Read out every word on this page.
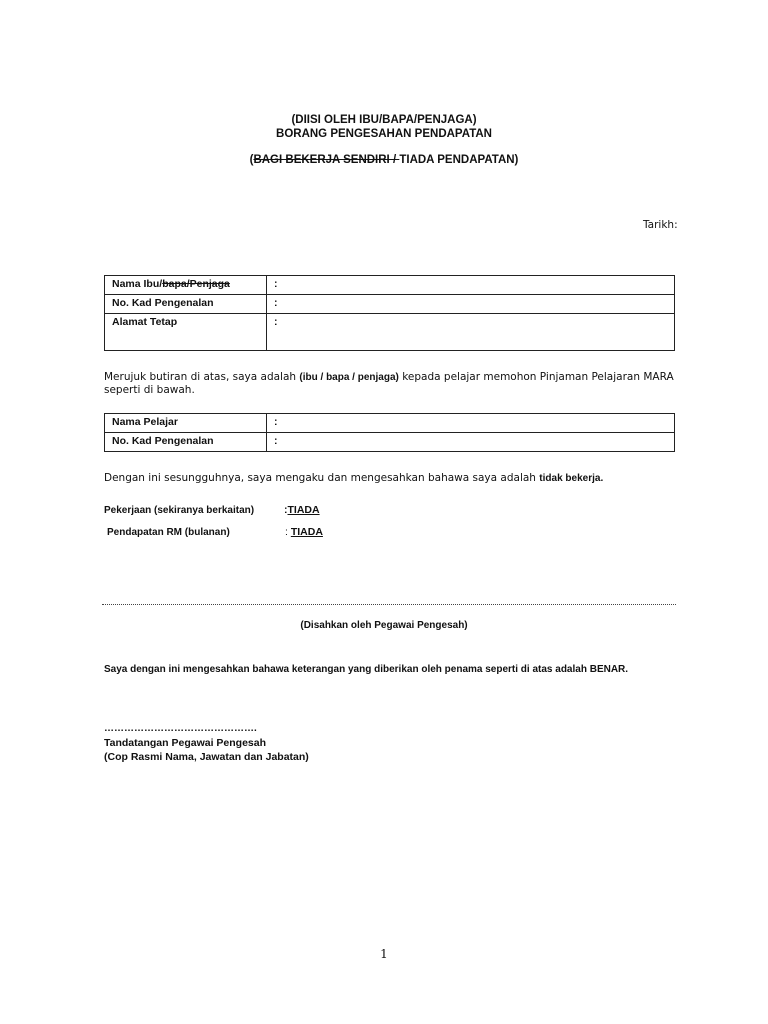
(DIISI OLEH IBU/BAPA/PENJAGA)
BORANG PENGESAHAN PENDAPATAN
(BAGI BEKERJA SENDIRI / TIADA PENDAPATAN)
Tarikh:
Nama Ibu/bapa/Penjaga	:
No. Kad Pengenalan	:
Alamat Tetap	:
Merujuk butiran di atas, saya adalah (ibu / bapa / penjaga) kepada pelajar memohon Pinjaman Pelajaran MARA seperti di bawah.
Nama Pelajar	:
No. Kad Pengenalan	:
Dengan ini sesungguhnya, saya mengaku dan mengesahkan bahawa saya adalah tidak bekerja.
Pekerjaan (sekiranya berkaitan)	:TIADA
Pendapatan RM (bulanan)	: TIADA
(Disahkan oleh Pegawai Pengesah)
Saya dengan ini mengesahkan bahawa keterangan yang diberikan oleh penama seperti di atas adalah BENAR.
……………………………………….
Tandatangan Pegawai Pengesah
(Cop Rasmi Nama, Jawatan dan Jabatan)
1
